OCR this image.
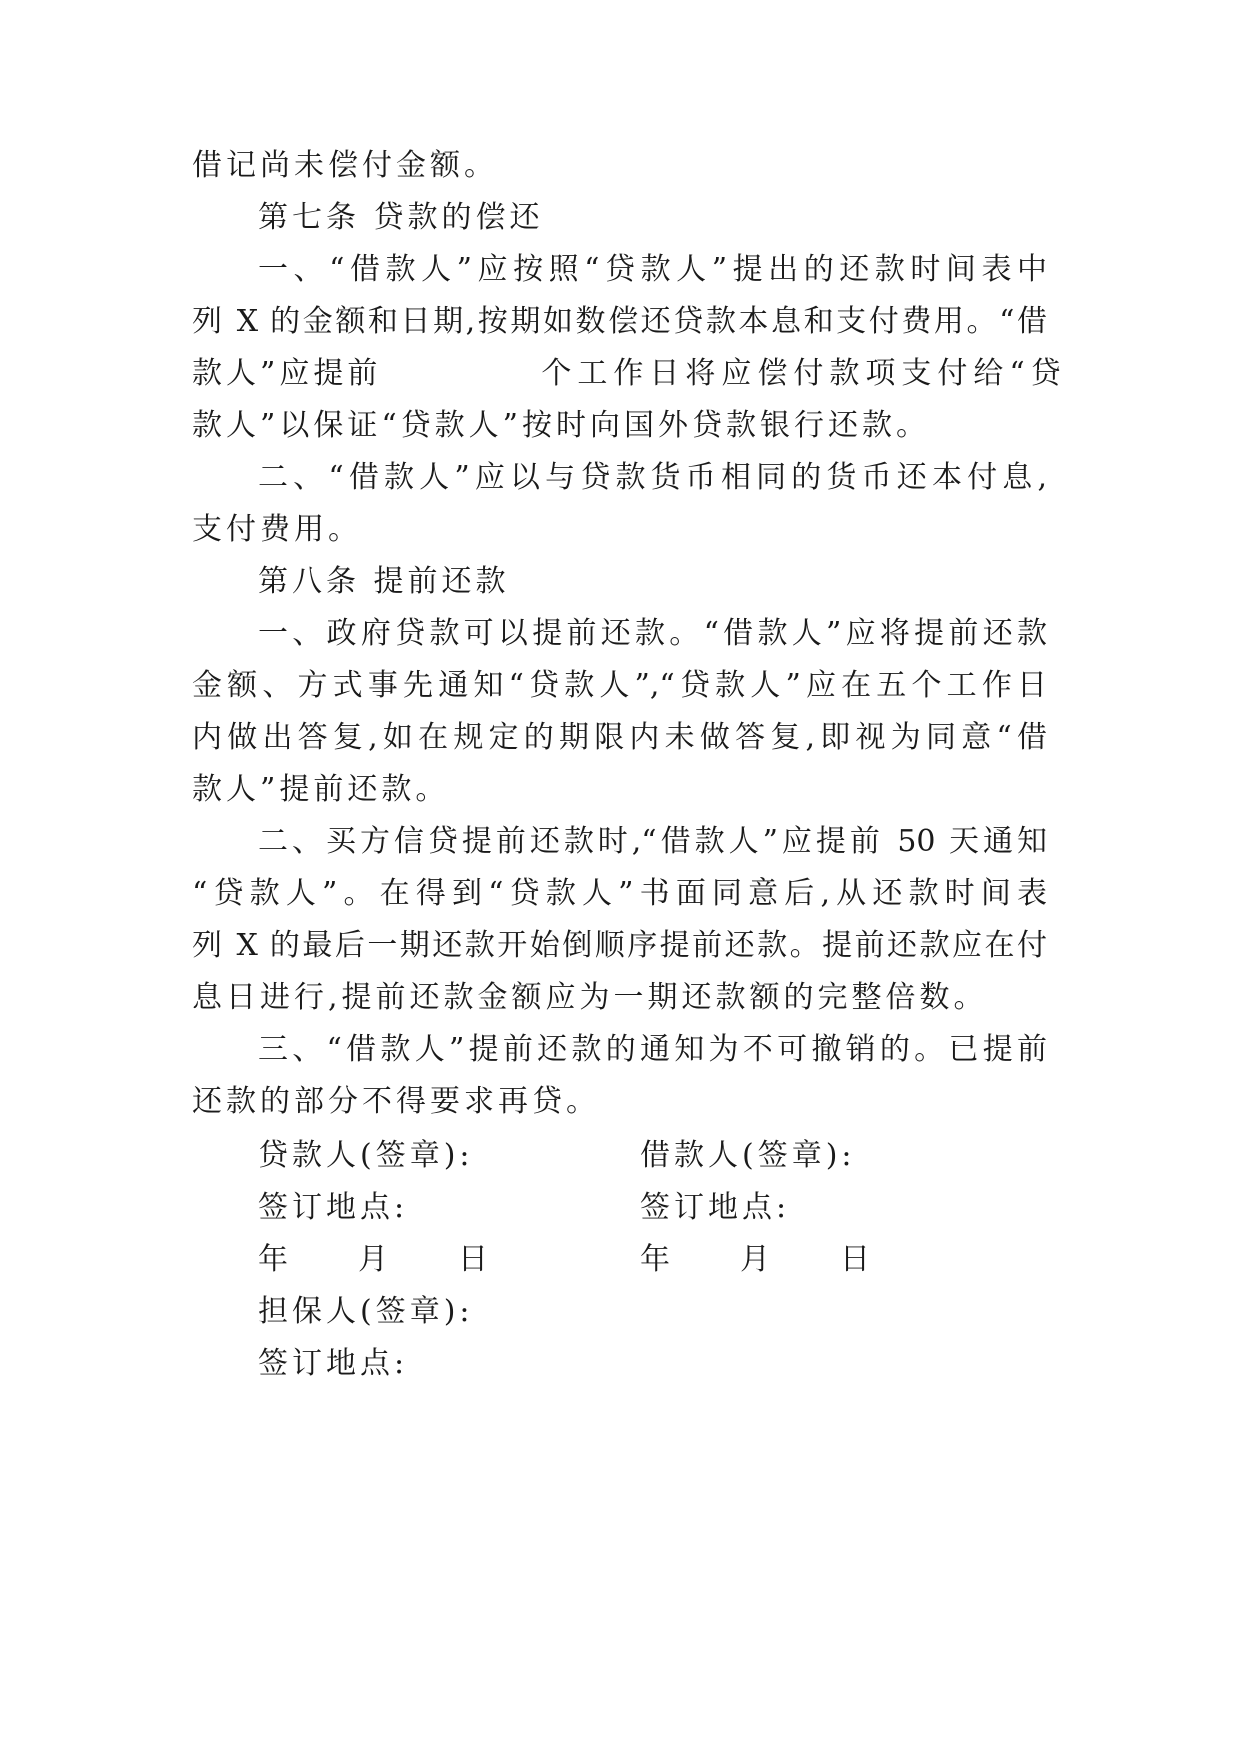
借记尚未偿付金额。
第七条 贷款的偿还
一、“借款人”应按照“贷款人”提出的还款时间表中
列 X 的金额和日期,按期如数偿还贷款本息和支付费用。“借
款人”应提前	个工作日将应偿付款项支付给“贷
款人”以保证“贷款人”按时向国外贷款银行还款。
二、“借款人”应以与贷款货币相同的货币还本付息,
支付费用。
第八条 提前还款
一、政府贷款可以提前还款。“借款人”应将提前还款
金额、方式事先通知“贷款人”,“贷款人”应在五个工作日
内做出答复,如在规定的期限内未做答复,即视为同意“借
款人”提前还款。
二、买方信贷提前还款时,“借款人”应提前 50 天通知
“贷款人”。在得到“贷款人”书面同意后,从还款时间表
列 X 的最后一期还款开始倒顺序提前还款。提前还款应在付
息日进行,提前还款金额应为一期还款额的完整倍数。
三、“借款人”提前还款的通知为不可撤销的。已提前
还款的部分不得要求再贷。
贷款人(签章):	借款人(签章):
签订地点:	签订地点:
年 月 日	年 月 日
担保人(签章):
签订地点:
